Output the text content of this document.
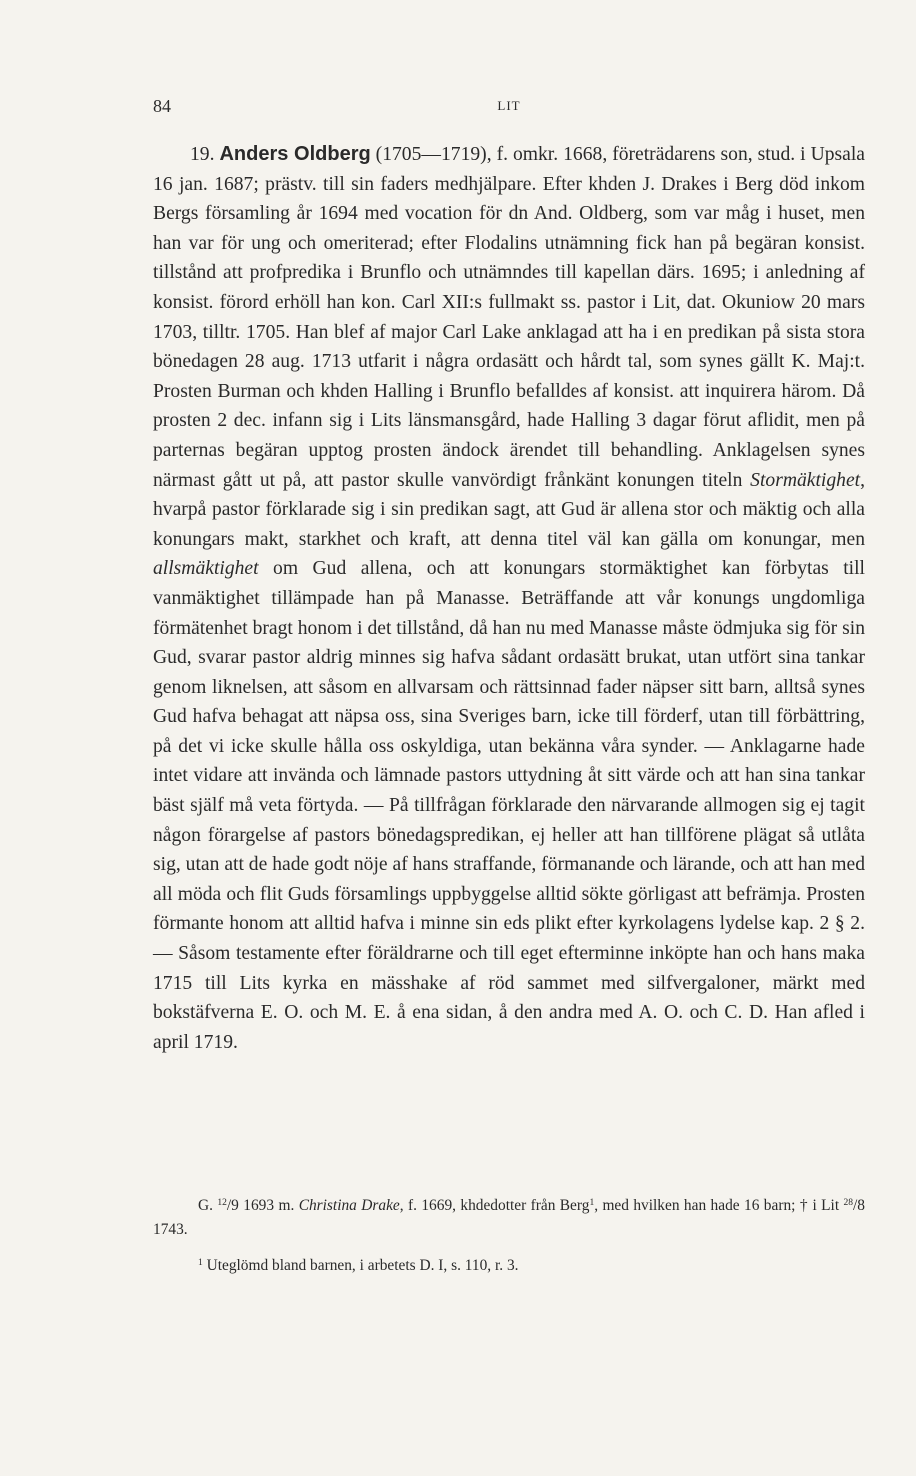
84	LIT

19. Anders Oldberg (1705—1719), f. omkr. 1668, företrädarens son, stud. i Upsala 16 jan. 1687; prästv. till sin faders medhjälpare. Efter khden J. Drakes i Berg död inkom Bergs församling år 1694 med vocation för dn And. Oldberg, som var måg i huset, men han var för ung och omeriterad; efter Flodalins utnämning fick han på begäran konsist. tillstånd att profpredika i Brunflo och utnämndes till kapellan därs. 1695; i anledning af konsist. förord erhöll han kon. Carl XII:s fullmakt ss. pastor i Lit, dat. Okuniow 20 mars 1703, tilltr. 1705. Han blef af major Carl Lake anklagad att ha i en predikan på sista stora bönedagen 28 aug. 1713 utfarit i några ordasätt och hårdt tal, som synes gällt K. Maj:t. Prosten Burman och khden Halling i Brunflo befalldes af konsist. att inquirera härom. Då prosten 2 dec. infann sig i Lits länsmansgård, hade Halling 3 dagar förut aflidit, men på parternas begäran upptog prosten ändock ärendet till behandling. Anklagelsen synes närmast gått ut på, att pastor skulle vanvördigt frånkänt konungen titeln Stormäktighet, hvarpå pastor förklarade sig i sin predikan sagt, att Gud är allena stor och mäktig och alla konungars makt, starkhet och kraft, att denna titel väl kan gälla om konungar, men allsmäktighet om Gud allena, och att konungars stormäktighet kan förbytas till vanmäktighet tillämpade han på Manasse. Beträffande att vår konungs ungdomliga förmätenhet bragt honom i det tillstånd, då han nu med Manasse måste ödmjuka sig för sin Gud, svarar pastor aldrig minnes sig hafva sådant ordasätt brukat, utan utfört sina tankar genom liknelsen, att såsom en allvarsam och rättsinnad fader näpser sitt barn, alltså synes Gud hafva behagat att näpsa oss, sina Sveriges barn, icke till förderf, utan till förbättring, på det vi icke skulle hålla oss oskyldiga, utan bekänna våra synder. — Anklagarne hade intet vidare att invända och lämnade pastors uttydning åt sitt värde och att han sina tankar bäst själf må veta förtyda. — På tillfrågan förklarade den närvarande allmogen sig ej tagit någon förargelse af pastors bönedagspredikan, ej heller att han tillförene plägat så utlåta sig, utan att de hade godt nöje af hans straffande, förmanande och lärande, och att han med all möda och flit Guds församlings uppbyggelse alltid sökte görligast att befrämja. Prosten förmante honom att alltid hafva i minne sin eds plikt efter kyrkolagens lydelse kap. 2 § 2. — Såsom testamente efter föräldrarne och till eget efterminne inköpte han och hans maka 1715 till Lits kyrka en mässhake af röd sammet med silfvergaloner, märkt med bokstäfverna E. O. och M. E. å ena sidan, å den andra med A. O. och C. D. Han afled i april 1719.

G. $^{12}$/9 1693 m. Christina Drake, f. 1669, khdedotter från Berg$^1$, med hvilken han hade 16 barn; † i Lit $^{28}$/8 1743.

$^1$ Uteglömd bland barnen, i arbetets D. I, s. 110, r. 3.
